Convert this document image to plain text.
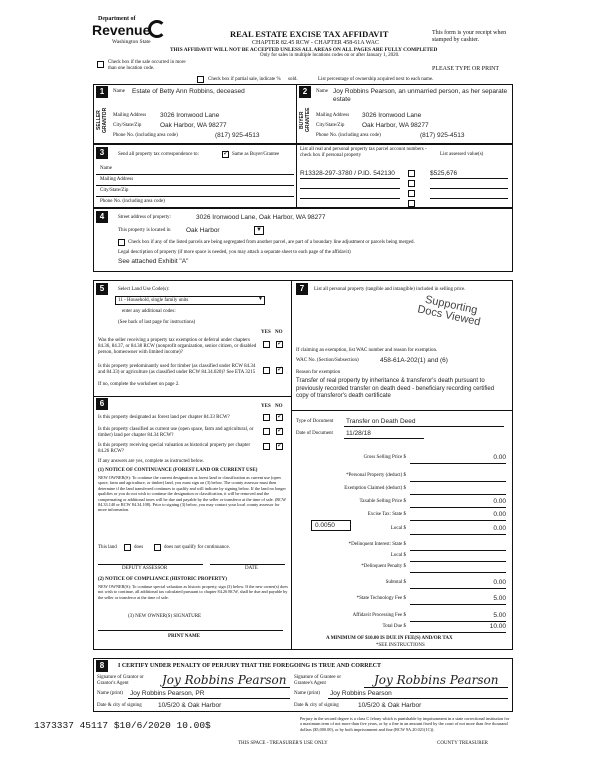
Department of
Revenue
Washington State
REAL ESTATE EXCISE TAX AFFIDAVIT
CHAPTER 82.45 RCW - CHAPTER 458-61A WAC
THIS AFFIDAVIT WILL NOT BE ACCEPTED UNLESS ALL AREAS ON ALL PAGES ARE FULLY COMPLETED
Only for sales in multiple locations codes on or after January 1, 2020.
This form is your receipt when stamped by cashier.
PLEASE TYPE OR PRINT
Check box if the sale occurred in more than one location code.
Check box if partial sale, indicate % sold.	List percentage of ownership acquired next to each name.
1
SELLER GRANTOR
Name Estate of Betty Ann Robbins, deceased
Mailing Address 3026 Ironwood Lane
City/State/Zip	Oak Harbor, WA 98277
Phone No. (including area code)	(817) 925-4513
2
BUYER GRANTEE
Name Joy Robbins Pearson, an unmarried person, as her separate estate
Mailing Address 3026 Ironwood Lane
City/State/Zip	Oak Harbor, WA 98277
Phone No. (including area code)	(817) 925-4513
3	Send all property tax correspondence to:
✓	Same as Buyer/Grantee
Name
Mailing Address
City/State/Zip
Phone No. (including area code)
List all real and personal property tax parcel account numbers - check box if personal property	List assessed value(s)
R13328-297-3780 / P.ID. 542130	$525,676
4	Street address of property:	3026 Ironwood Lane, Oak Harbor, WA 98277
This property is located in Oak Harbor	▼
Check box if any of the listed parcels are being segregated from another parcel, are part of a boundary line adjustment or parcels being merged.
Legal description of property (if more space is needed, you may attach a separate sheet to each page of the affidavit)
See attached Exhibit "A"
5	Select Land Use Code(s):
11 - Household, single family units	▼
enter any additional codes:
(See back of last page for instructions)
YES NO
Was the seller receiving a property tax exemption or deferral under chapters 84.36, 84.37, or 84.38 RCW (nonprofit organization, senior citizen, or disabled person, homeowner with limited income)?
✓
Is this property predominantly used for timber (as classified under RCW 84.34 and 84.33) or agriculture (as classified under RCW 84.34.020)? See ETA 3215
✓
If no, complete the worksheet on page 2.
6	YES NO
Is this property designated as forest land per chapter 84.33 RCW?
✓
Is this property classified as current use (open space, farm and agricultural, or timber) land per chapter 84.34 RCW?
✓
Is this property receiving special valuation as historical property per chapter 84.26 RCW?
✓
If any answers are yes, complete as instructed below.
(1) NOTICE OF CONTINUANCE (FOREST LAND OR CURRENT USE)
NEW OWNER(S): To continue the current designation as forest land or classification as current use (open space, farm and agriculture, or timber) land, you must sign on (3) below. The county assessor must then determine if the land transferred continues to qualify and will indicate by signing below. If the land no longer qualifies or you do not wish to continue the designation or classification, it will be removed and the compensating or additional taxes will be due and payable by the seller or transferor at the time of sale. (RCW 84.33.140 or RCW 84.34.108). Prior to signing (3) below, you may contact your local county assessor for more information.
This land	does	does not qualify for continuance.
DEPUTY ASSESSOR	DATE
(2) NOTICE OF COMPLIANCE (HISTORIC PROPERTY)
NEW OWNER(S): To continue special valuation as historic property, sign (3) below. If the new owner(s) does not wish to continue, all additional tax calculated pursuant to chapter 84.26 RCW, shall be due and payable by the seller or transferor at the time of sale.
(3) NEW OWNER(S) SIGNATURE
PRINT NAME
7	List all personal property (tangible and intangible) included in selling price.
Supporting Docs Viewed
If claiming an exemption, list WAC number and reason for exemption.
WAC No. (Section/Subsection)	458-61A-202(1) and (6)
Reason for exemption
Transfer of real property by inheritance & transferor's death pursuant to previously recorded transfer on death deed - beneficiary recording certified copy of transferor's death certificate
Type of Document Transfer on Death Deed
Date of Document 11/28/18
Gross Selling Price $	0.00
*Personal Property (deduct) $
Exemption Claimed (deduct) $
Taxable Selling Price $	0.00
Excise Tax: State $	0.00
0.0050	Local $	0.00
*Delinquent Interest: State $
Local $
*Delinquent Penalty $
Subtotal $	0.00
*State Technology Fee $	5.00
Affidavit Processing Fee $	5.00
Total Due $	10.00
A MINIMUM OF $10.00 IS DUE IN FEE(S) AND/OR TAX
*SEE INSTRUCTIONS
8	I CERTIFY UNDER PENALTY OF PERJURY THAT THE FOREGOING IS TRUE AND CORRECT
Signature of Grantor or Grantor's Agent	Joy Robbins Pearson
Name (print) Joy Robbins Pearson, PR
Date & city of signing	10/5/20 & Oak Harbor
Signature of Grantee or Grantee's Agent	Joy Robbins Pearson
Name (print) Joy Robbins Pearson
Date & city of signing	10/5/20 & Oak Harbor
Perjury in the second degree is a class C felony which is punishable by imprisonment in a state correctional institution for a maximum term of not more than five years, or by a fine in an amount fixed by the court of not more than five thousand dollars ($5,000.00), or by both imprisonment and fine (RCW 9A.20.021(1C)).
1373337 45117 $10/6/2020 10.00$
THIS SPACE - TREASURER'S USE ONLY	COUNTY TREASURER
